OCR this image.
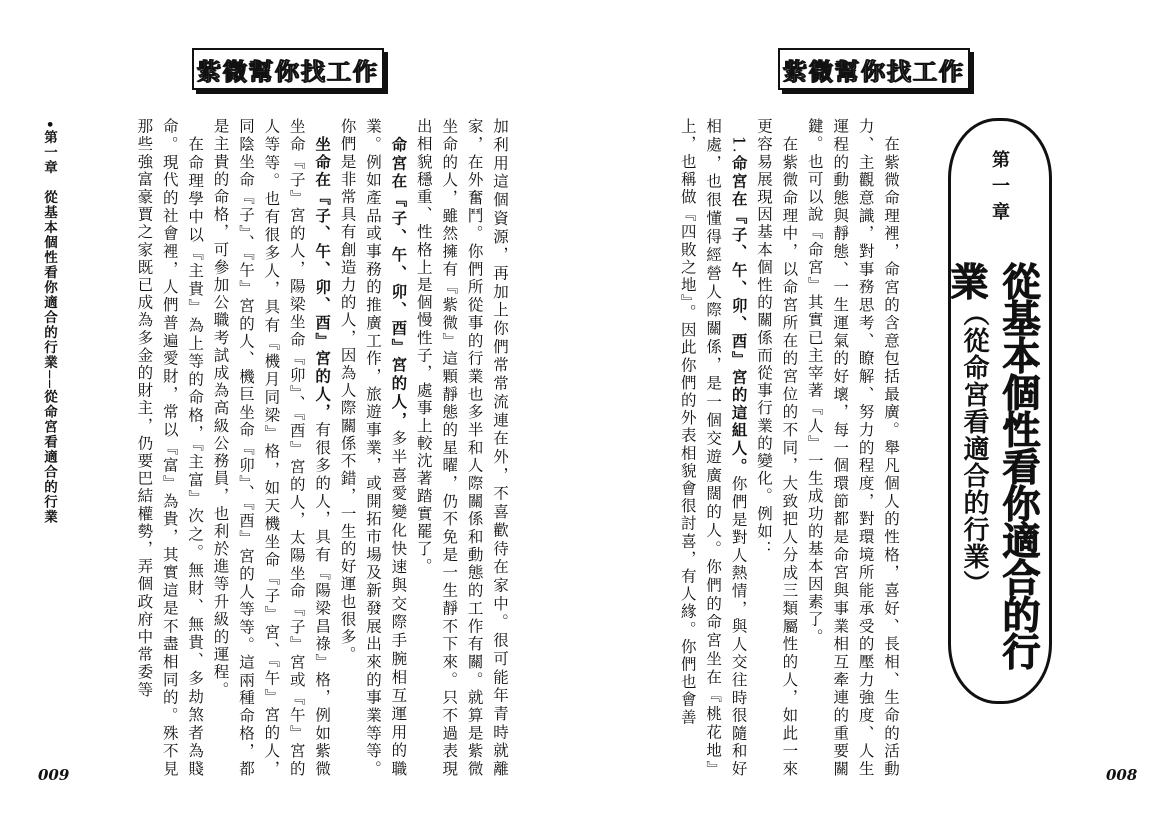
紫微幫你找工作

加利用這個資源，再加上你們常常流連在外，不喜歡待在家中。很可能年青時就離家，在外奮鬥。你們所從事的行業也多半和人際關係和動態的工作有關。就算是紫微坐命的人，雖然擁有『紫微』這顆靜態的星曜，仍不免是一生靜不下來。只不過表現出相貌穩重、性格上是個慢性子，處事上較沈著踏實罷了。

　命宮在『子、午、卯、酉』宮的人，多半喜愛變化快速與交際手腕相互運用的職業。例如產品或事務的推廣工作，旅遊事業，或開拓市場及新發展出來的事業等等。你們是非常具有創造力的人，因為人際關係不錯，一生的好運也很多。

　坐命在『子、午、卯、酉』宮的人，有很多的人，具有『陽梁昌祿』格，例如紫微坐命『子』宮的人，陽梁坐命『卯』、『酉』宮的人，太陽坐命『子』宮或『午』宮的人等等。也有很多人，具有『機月同梁』格，如天機坐命『子』宮、『午』宮的人，同陰坐命『子』、『午』宮的人、機巨坐命『卯』、『酉』宮的人等等。這兩種命格，都是主貴的命格，可參加公職考試成為高級公務員，也利於進等升級的運程。

　在命理學中以『主貴』為上等的命格，『主富』次之。無財、無貴、多劫煞者為賤命。現代的社會裡，人們普遍愛財，常以『富』為貴，其實這是不盡相同的。殊不見那些強富豪賈之家既已成為多金的財主，仍要巴結權勢，弄個政府中常委等

•第一章　從基本個性看你適合的行業──從命宮看適合的行業
009
紫微幫你找工作

　在紫微命理裡，命宮的含意包括最廣。舉凡個人的性格，喜好、長相、生命的活動力、主觀意識，對事務思考、瞭解、努力的程度，對環境所能承受的壓力強度、人生運程的動態與靜態、一生運氣的好壞，每一個環節都是命宮與事業相互牽連的重要關鍵。也可以說『命宮』其實已主宰著『人』一生成功的基本因素了。

　在紫微命理中，以命宮所在的宮位的不同，大致把人分成三類屬性的人，如此一來更容易展現因基本個性的關係而從事行業的變化。例如：

　1.命宮在『子、午、卯、酉』宮的這組人。你們是對人熱情，與人交往時很隨和好相處，也很懂得經營人際關係，是一個交遊廣闊的人。你們的命宮坐在『桃花地』上，也稱做『四敗之地』。因此你們的外表相貌會很討喜，有人緣。你們也會善	第一章
從基本個性看你適合的行業
（從命宮看適合的行業）
008
